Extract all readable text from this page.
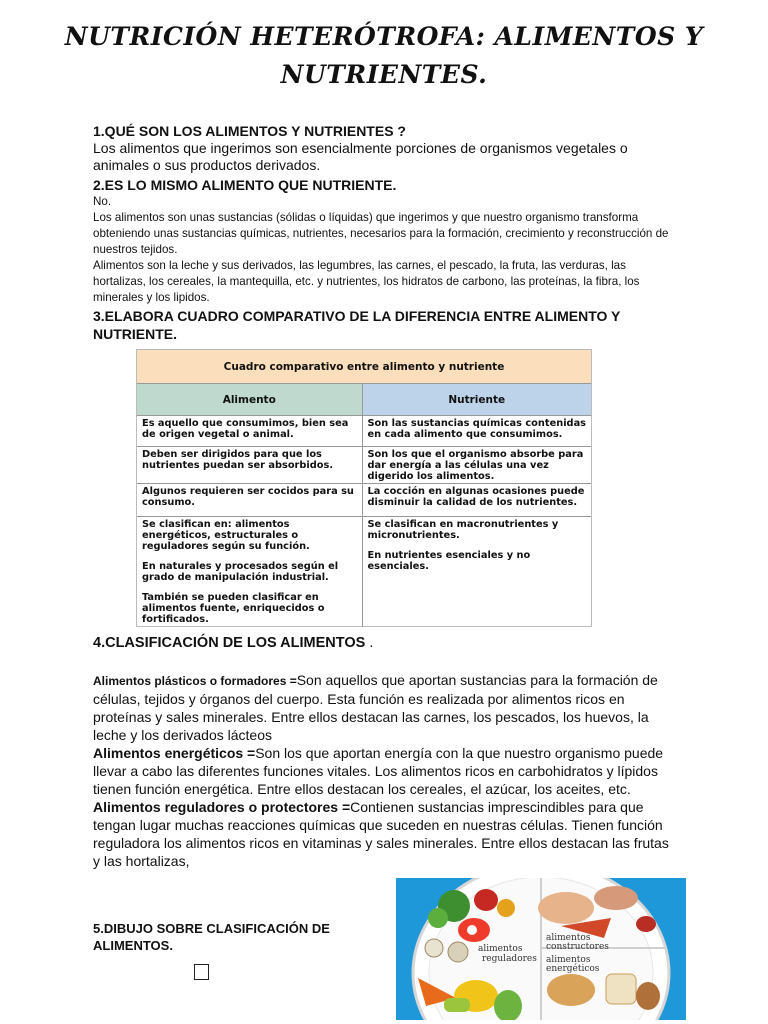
NUTRICIÓN HETERÓTROFA: ALIMENTOS Y NUTRIENTES.

1.QUÉ SON LOS ALIMENTOS Y NUTRIENTES ?

Los alimentos que ingerimos son esencialmente porciones de organismos vegetales o animales o sus productos derivados.

2.ES LO MISMO ALIMENTO QUE NUTRIENTE.

No.

Los alimentos son unas sustancias (sólidas o líquidas) que ingerimos y que nuestro organismo transforma obteniendo unas sustancias químicas, nutrientes, necesarios para la formación, crecimiento y reconstrucción de nuestros tejidos.

Alimentos son la leche y sus derivados, las legumbres, las carnes, el pescado, la fruta, las verduras, las hortalizas, los cereales, la mantequilla, etc. y nutrientes, los hidratos de carbono, las proteínas, la fibra, los minerales y los lipidos.

3.ELABORA CUADRO COMPARATIVO DE LA DIFERENCIA ENTRE ALIMENTO Y NUTRIENTE.

Cuadro comparativo entre alimento y nutriente
Alimento	Nutriente
Es aquello que consumimos, bien sea de origen vegetal o animal.
Son las sustancias químicas contenidas en cada alimento que consumimos.
Deben ser dirigidos para que los nutrientes puedan ser absorbidos.
Son los que el organismo absorbe para dar energía a las células una vez digerido los alimentos.
Algunos requieren ser cocidos para su consumo.
La cocción en algunas ocasiones puede disminuir la calidad de los nutrientes.

Se clasifican en: alimentos energéticos, estructurales o reguladores según su función.

En naturales y procesados según el grado de manipulación industrial.

También se pueden clasificar en alimentos fuente, enriquecidos o fortificados.

Se clasifican en macronutrientes y micronutrientes.

En nutrientes esenciales y no esenciales.

4.CLASIFICACIÓN DE LOS ALIMENTOS .

Alimentos plásticos o formadores =Son aquellos que aportan sustancias para la formación de células, tejidos y órganos del cuerpo. Esta función es realizada por alimentos ricos en proteínas y sales minerales. Entre ellos destacan las carnes, los pescados, los huevos, la leche y los derivados lácteos

Alimentos energéticos =Son los que aportan energía con la que nuestro organismo puede llevar a cabo las diferentes funciones vitales. Los alimentos ricos en carbohidratos y lípidos tienen función energética. Entre ellos destacan los cereales, el azúcar, los aceites, etc.

Alimentos reguladores o protectores =Contienen sustancias imprescindibles para que tengan lugar muchas reacciones químicas que suceden en nuestras células. Tienen función reguladora los alimentos ricos en vitaminas y sales minerales. Entre ellos destacan las frutas y las hortalizas,

5.DIBUJO SOBRE CLASIFICACIÓN DE ALIMENTOS.	alimentos
reguladores
alimentos
constructores
alimentos
energéticos
